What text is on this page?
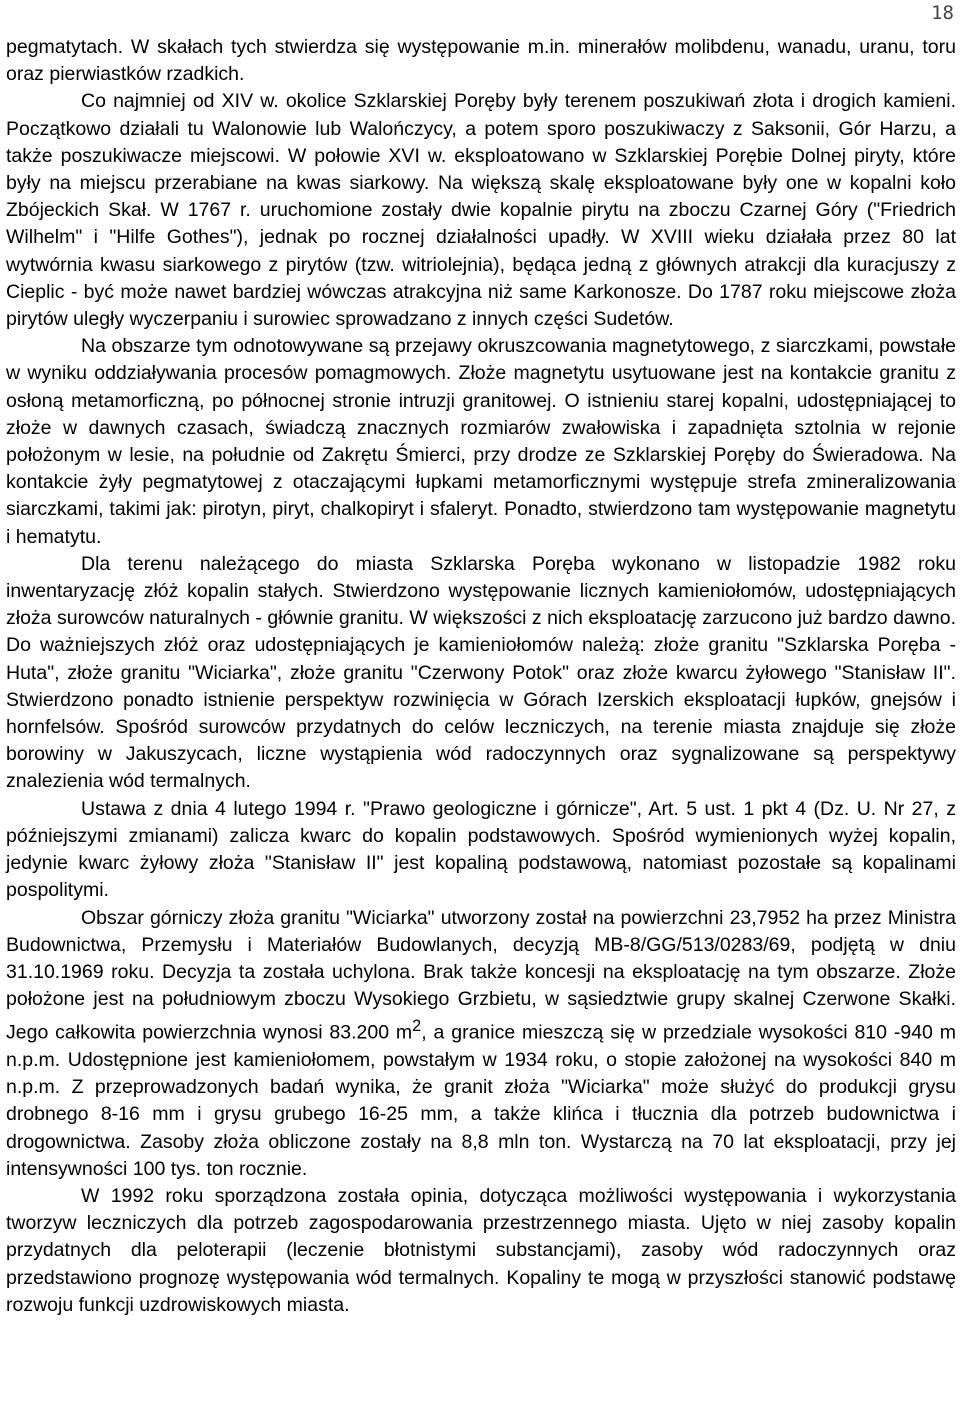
18

pegmatytach. W skałach tych stwierdza się występowanie m.in. minerałów molibdenu, wanadu, uranu, toru oraz pierwiastków rzadkich.

Co najmniej od XIV w. okolice Szklarskiej Poręby były terenem poszukiwań złota i drogich kamieni. Początkowo działali tu Walonowie lub Walończycy, a potem sporo poszukiwaczy z Saksonii, Gór Harzu, a także poszukiwacze miejscowi. W połowie XVI w. eksploatowano w Szklarskiej Porębie Dolnej piryty, które były na miejscu przerabiane na kwas siarkowy. Na większą skalę eksploatowane były one w kopalni koło Zbójeckich Skał. W 1767 r. uruchomione zostały dwie kopalnie pirytu na zboczu Czarnej Góry ("Friedrich Wilhelm" i "Hilfe Gothes"), jednak po rocznej działalności upadły. W XVIII wieku działała przez 80 lat wytwórnia kwasu siarkowego z pirytów (tzw. witriolejnia), będąca jedną z głównych atrakcji dla kuracjuszy z Cieplic - być może nawet bardziej wówczas atrakcyjna niż same Karkonosze. Do 1787 roku miejscowe złoża pirytów uległy wyczerpaniu i surowiec sprowadzano z innych części Sudetów.

Na obszarze tym odnotowywane są przejawy okruszcowania magnetytowego, z siarczkami, powstałe w wyniku oddziaływania procesów pomagmowych. Złoże magnetytu usytuowane jest na kontakcie granitu z osłoną metamorficzną, po północnej stronie intruzji granitowej. O istnieniu starej kopalni, udostępniającej to złoże w dawnych czasach, świadczą znacznych rozmiarów zwałowiska i zapadnięta sztolnia w rejonie położonym w lesie, na południe od Zakrętu Śmierci, przy drodze ze Szklarskiej Poręby do Świeradowa. Na kontakcie żyły pegmatytowej z otaczającymi łupkami metamorficznymi występuje strefa zmineralizowania siarczkami, takimi jak: pirotyn, piryt, chalkopiryt i sfaleryt. Ponadto, stwierdzono tam występowanie magnetytu i hematytu.

Dla terenu należącego do miasta Szklarska Poręba wykonano w listopadzie 1982 roku inwentaryzację złóż kopalin stałych. Stwierdzono występowanie licznych kamieniołomów, udostępniających złoża surowców naturalnych - głównie granitu. W większości z nich eksploatację zarzucono już bardzo dawno. Do ważniejszych złóż oraz udostępniających je kamieniołomów należą: złoże granitu "Szklarska Poręba - Huta", złoże granitu "Wiciarka", złoże granitu "Czerwony Potok" oraz złoże kwarcu żyłowego "Stanisław II". Stwierdzono ponadto istnienie perspektyw rozwinięcia w Górach Izerskich eksploatacji łupków, gnejsów i hornfelsów. Spośród surowców przydatnych do celów leczniczych, na terenie miasta znajduje się złoże borowiny w Jakuszycach, liczne wystąpienia wód radoczynnych oraz sygnalizowane są perspektywy znalezienia wód termalnych.

Ustawa z dnia 4 lutego 1994 r. "Prawo geologiczne i górnicze", Art. 5 ust. 1 pkt 4 (Dz. U. Nr 27, z późniejszymi zmianami) zalicza kwarc do kopalin podstawowych. Spośród wymienionych wyżej kopalin, jedynie kwarc żyłowy złoża "Stanisław II" jest kopaliną podstawową, natomiast pozostałe są kopalinami pospolitymi.

Obszar górniczy złoża granitu "Wiciarka" utworzony został na powierzchni 23,7952 ha przez Ministra Budownictwa, Przemysłu i Materiałów Budowlanych, decyzją MB-8/GG/513/0283/69, podjętą w dniu 31.10.1969 roku. Decyzja ta została uchylona. Brak także koncesji na eksploatację na tym obszarze. Złoże położone jest na południowym zboczu Wysokiego Grzbietu, w sąsiedztwie grupy skalnej Czerwone Skałki. Jego całkowita powierzchnia wynosi 83.200 $m^2$, a granice mieszczą się w przedziale wysokości 810 -940 m n.p.m. Udostępnione jest kamieniołomem, powstałym w 1934 roku, o stopie założonej na wysokości 840 m n.p.m. Z przeprowadzonych badań wynika, że granit złoża "Wiciarka" może służyć do produkcji grysu drobnego 8-16 mm i grysu grubego 16-25 mm, a także klińca i tłucznia dla potrzeb budownictwa i drogownictwa. Zasoby złoża obliczone zostały na 8,8 mln ton. Wystarczą na 70 lat eksploatacji, przy jej intensywności 100 tys. ton rocznie.

W 1992 roku sporządzona została opinia, dotycząca możliwości występowania i wykorzystania tworzyw leczniczych dla potrzeb zagospodarowania przestrzennego miasta. Ujęto w niej zasoby kopalin przydatnych dla peloterapii (leczenie błotnistymi substancjami), zasoby wód radoczynnych oraz przedstawiono prognozę występowania wód termalnych. Kopaliny te mogą w przyszłości stanowić podstawę rozwoju funkcji uzdrowiskowych miasta.
